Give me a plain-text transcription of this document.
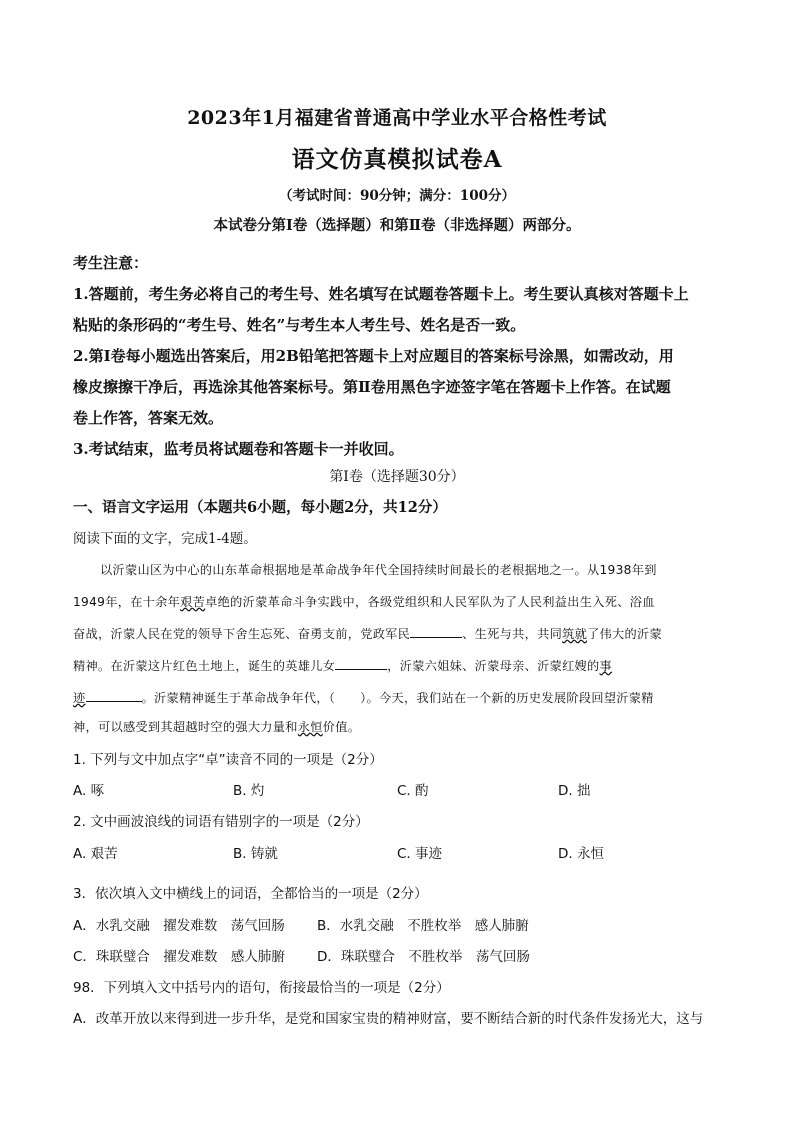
2023年1月福建省普通高中学业水平合格性考试
语文仿真模拟试卷A
（考试时间：90分钟；满分：100分）
本试卷分第Ⅰ卷（选择题）和第Ⅱ卷（非选择题）两部分。
考生注意：
1.答题前，考生务必将自己的考生号、姓名填写在试题卷答题卡上。考生要认真核对答题卡上
粘贴的条形码的“考生号、姓名”与考生本人考生号、姓名是否一致。
2.第Ⅰ卷每小题选出答案后，用2B铅笔把答题卡上对应题目的答案标号涂黑，如需改动，用
橡皮擦擦干净后，再选涂其他答案标号。第Ⅱ卷用黑色字迹签字笔在答题卡上作答。在试题
卷上作答，答案无效。
3.考试结束，监考员将试题卷和答题卡一并收回。
第Ⅰ卷（选择题30分）
一、语言文字运用（本题共6小题，每小题2分，共12分）
阅读下面的文字，完成1-4题。
以沂蒙山区为中心的山东革命根据地是革命战争年代全国持续时间最长的老根据地之一。从1938年到
1949年，在十余年艰苦卓绝的沂蒙革命斗争实践中，各级党组织和人民军队为了人民利益出生入死、浴血
奋战，沂蒙人民在党的领导下舍生忘死、奋勇支前，党政军民	、生死与共，共同筑就了伟大的沂蒙
精神。在沂蒙这片红色土地上，诞生的英雄儿女	，沂蒙六姐妹、沂蒙母亲、沂蒙红嫂的事
迹	。沂蒙精神诞生于革命战争年代，（　　）。今天，我们站在一个新的历史发展阶段回望沂蒙精
神，可以感受到其超越时空的强大力量和永恒价值。
1. 下列与文中加点字“卓”读音不同的一项是（2分）
A. 啄	B. 灼	C. 酌	D. 拙
2. 文中画波浪线的词语有错别字的一项是（2分）
A. 艰苦	B. 铸就	C. 事迹	D. 永恒
3．依次填入文中横线上的词语，全都恰当的一项是（2分）
A．水乳交融　擢发难数　荡气回肠 B．水乳交融　不胜枚举　感人肺腑
C．珠联璧合　擢发难数　感人肺腑 D．珠联璧合　不胜枚举　荡气回肠
98．下列填入文中括号内的语句，衔接最恰当的一项是（2分）
A．改革开放以来得到进一步升华，是党和国家宝贵的精神财富，要不断结合新的时代条件发扬光大，这与
